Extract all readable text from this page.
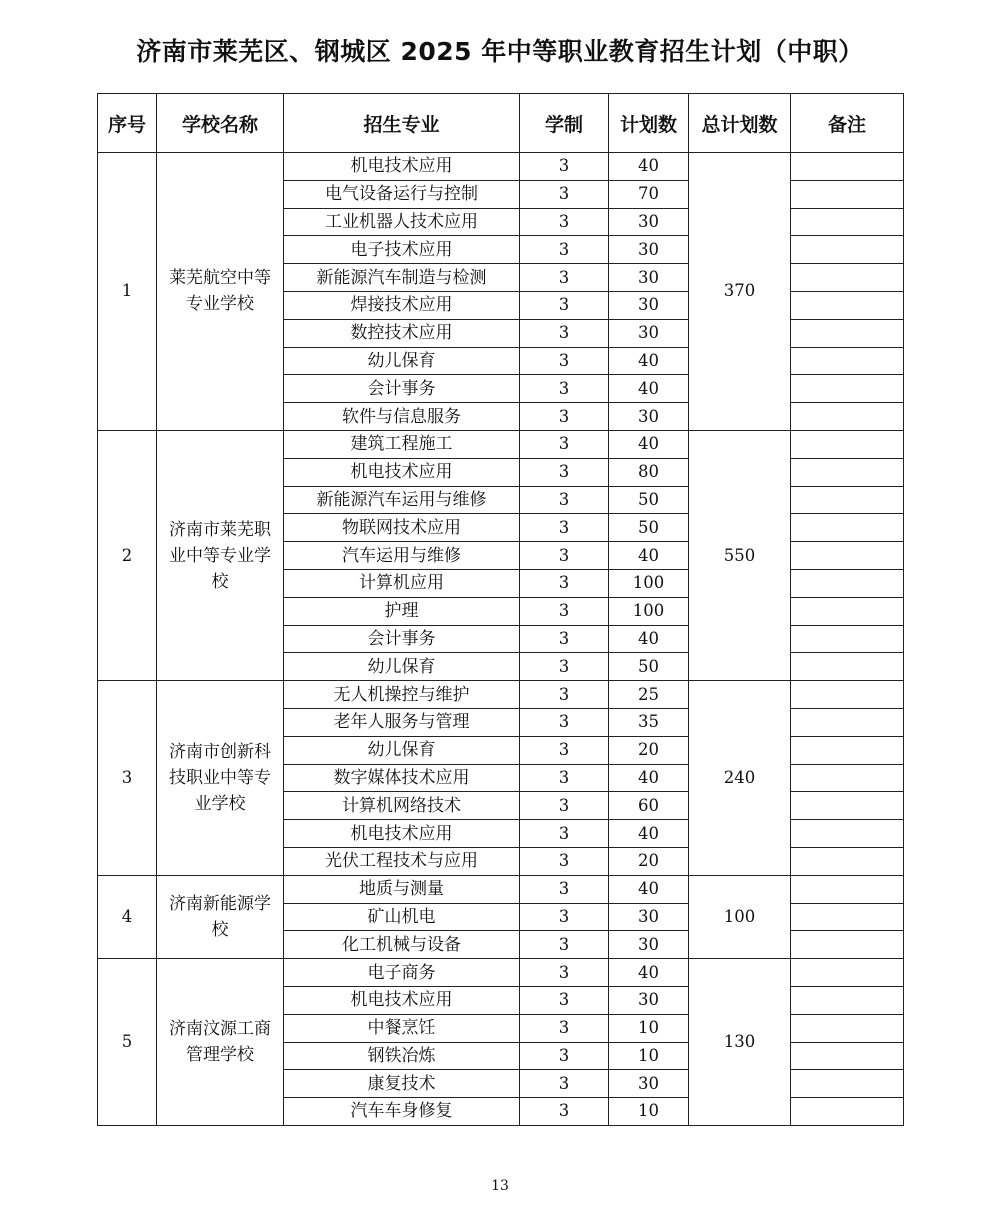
济南市莱芜区、钢城区 2025 年中等职业教育招生计划（中职）
序号	学校名称	招生专业	学制	计划数	总计划数	备注
1	莱芜航空中等专业学校	机电技术应用	3	40	370	
		电气设备运行与控制	3	70		
		工业机器人技术应用	3	30		
		电子技术应用	3	30		
		新能源汽车制造与检测	3	30		
		焊接技术应用	3	30		
		数控技术应用	3	30		
		幼儿保育	3	40		
		会计事务	3	40		
		软件与信息服务	3	30		
2	济南市莱芜职业中等专业学校	建筑工程施工	3	40	550	
		机电技术应用	3	80		
		新能源汽车运用与维修	3	50		
		物联网技术应用	3	50		
		汽车运用与维修	3	40		
		计算机应用	3	100		
		护理	3	100		
		会计事务	3	40		
		幼儿保育	3	50		
3	济南市创新科技职业中等专业学校	无人机操控与维护	3	25	240	
		老年人服务与管理	3	35		
		幼儿保育	3	20		
		数字媒体技术应用	3	40		
		计算机网络技术	3	60		
		机电技术应用	3	40		
		光伏工程技术与应用	3	20		
4	济南新能源学校	地质与测量	3	40	100	
		矿山机电	3	30		
		化工机械与设备	3	30		
5	济南汶源工商管理学校	电子商务	3	40	130	
		机电技术应用	3	30		
		中餐烹饪	3	10		
		钢铁冶炼	3	10		
		康复技术	3	30		
		汽车车身修复	3	10		
13
